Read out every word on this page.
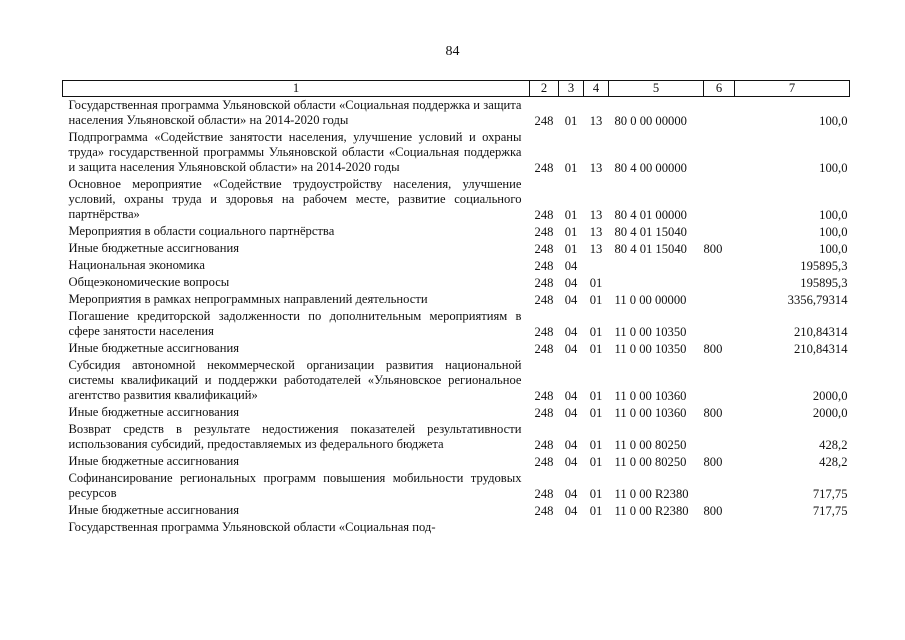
84
1	2	3	4	5	6	7
Государственная программа Ульяновской области «Социальная поддержка и защита населения Ульяновской области» на 2014-2020 годы	248	01	13	80 0 00 00000		100,0
Подпрограмма «Содействие занятости населения, улучшение условий и охраны труда» государственной программы Ульяновской области «Социальная поддержка и защита населения Ульяновской области» на 2014-2020 годы	248	01	13	80 4 00 00000		100,0
Основное мероприятие «Содействие трудоустройству населения, улучшение условий, охраны труда и здоровья на рабочем месте, развитие социального партнёрства»	248	01	13	80 4 01 00000		100,0
Мероприятия в области социального партнёрства	248	01	13	80 4 01 15040		100,0
Иные бюджетные ассигнования	248	01	13	80 4 01 15040	800	100,0
Национальная экономика	248	04				195895,3
Общеэкономические вопросы	248	04	01			195895,3
Мероприятия в рамках непрограммных направлений деятельности	248	04	01	11 0 00 00000		3356,79314
Погашение кредиторской задолженности по дополнительным мероприятиям в сфере занятости населения	248	04	01	11 0 00 10350		210,84314
Иные бюджетные ассигнования	248	04	01	11 0 00 10350	800	210,84314
Субсидия автономной некоммерческой организации развития национальной системы квалификаций и поддержки работодателей «Ульяновское региональное агентство развития квалификаций»	248	04	01	11 0 00 10360		2000,0
Иные бюджетные ассигнования	248	04	01	11 0 00 10360	800	2000,0
Возврат средств в результате недостижения показателей результативности использования субсидий, предоставляемых из федерального бюджета	248	04	01	11 0 00 80250		428,2
Иные бюджетные ассигнования	248	04	01	11 0 00 80250	800	428,2
Софинансирование региональных программ повышения мобильности трудовых ресурсов	248	04	01	11 0 00 R2380		717,75
Иные бюджетные ассигнования	248	04	01	11 0 00 R2380	800	717,75
Государственная программа Ульяновской области «Социальная под-						
